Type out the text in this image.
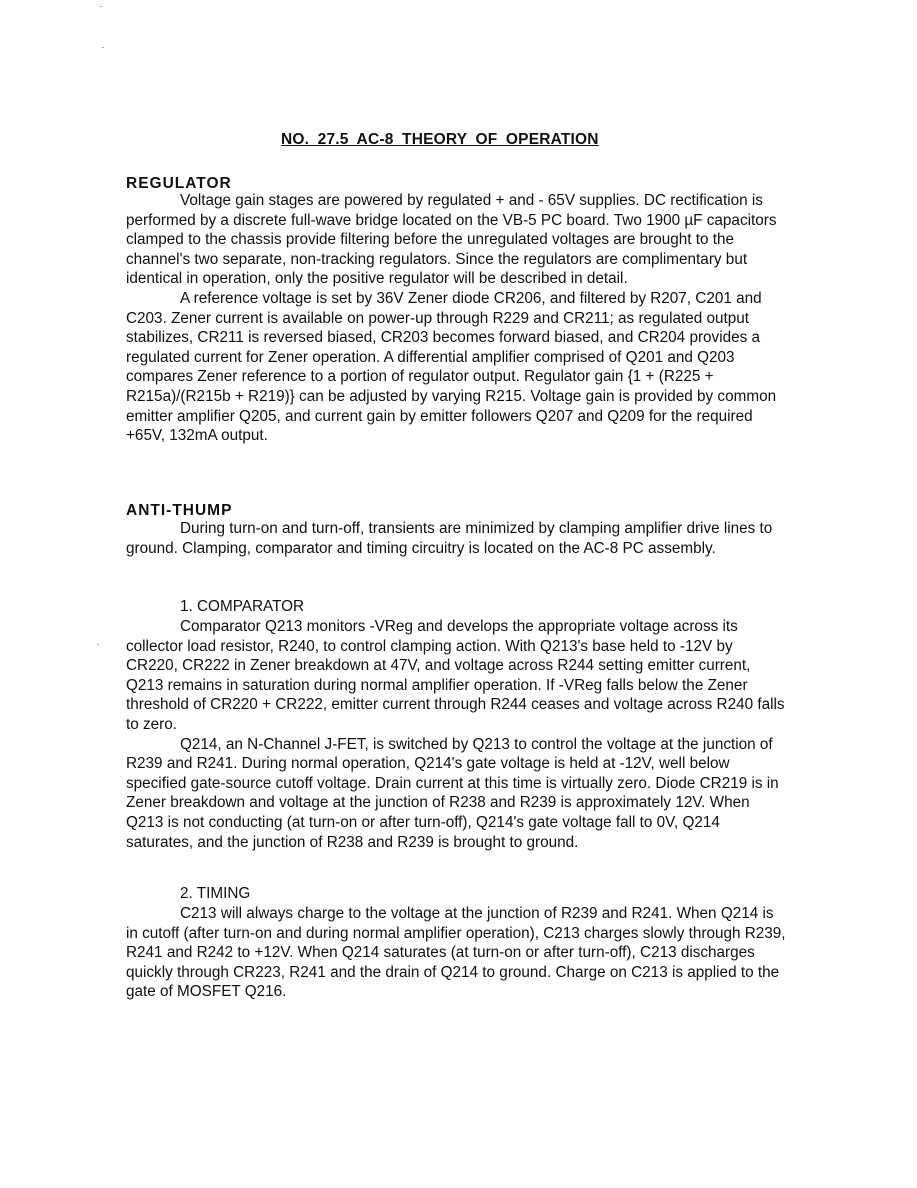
NO. 27.5 AC-8 THEORY OF OPERATION
REGULATOR

Voltage gain stages are powered by regulated + and - 65V supplies. DC rectification is performed by a discrete full-wave bridge located on the VB-5 PC board. Two 1900 µF capacitors clamped to the chassis provide filtering before the unregulated voltages are brought to the channel's two separate, non-tracking regulators. Since the regulators are complimentary but identical in operation, only the positive regulator will be described in detail.

A reference voltage is set by 36V Zener diode CR206, and filtered by R207, C201 and C203. Zener current is available on power-up through R229 and CR211; as regulated output stabilizes, CR211 is reversed biased, CR203 becomes forward biased, and CR204 provides a regulated current for Zener operation. A differential amplifier comprised of Q201 and Q203 compares Zener reference to a portion of regulator output. Regulator gain {1 + (R225 + R215a)/(R215b + R219)} can be adjusted by varying R215. Voltage gain is provided by common emitter amplifier Q205, and current gain by emitter followers Q207 and Q209 for the required +65V, 132mA output.

ANTI-THUMP

During turn-on and turn-off, transients are minimized by clamping amplifier drive lines to ground. Clamping, comparator and timing circuitry is located on the AC-8 PC assembly.

1. COMPARATOR

Comparator Q213 monitors -VReg and develops the appropriate voltage across its collector load resistor, R240, to control clamping action. With Q213's base held to -12V by CR220, CR222 in Zener breakdown at 47V, and voltage across R244 setting emitter current, Q213 remains in saturation during normal amplifier operation. If -VReg falls below the Zener threshold of CR220 + CR222, emitter current through R244 ceases and voltage across R240 falls to zero.

Q214, an N-Channel J-FET, is switched by Q213 to control the voltage at the junction of R239 and R241. During normal operation, Q214's gate voltage is held at -12V, well below specified gate-source cutoff voltage. Drain current at this time is virtually zero. Diode CR219 is in Zener breakdown and voltage at the junction of R238 and R239 is approximately 12V. When Q213 is not conducting (at turn-on or after turn-off), Q214's gate voltage fall to 0V, Q214 saturates, and the junction of R238 and R239 is brought to ground.

2. TIMING

C213 will always charge to the voltage at the junction of R239 and R241. When Q214 is in cutoff (after turn-on and during normal amplifier operation), C213 charges slowly through R239, R241 and R242 to +12V. When Q214 saturates (at turn-on or after turn-off), C213 discharges quickly through CR223, R241 and the drain of Q214 to ground. Charge on C213 is applied to the gate of MOSFET Q216.
